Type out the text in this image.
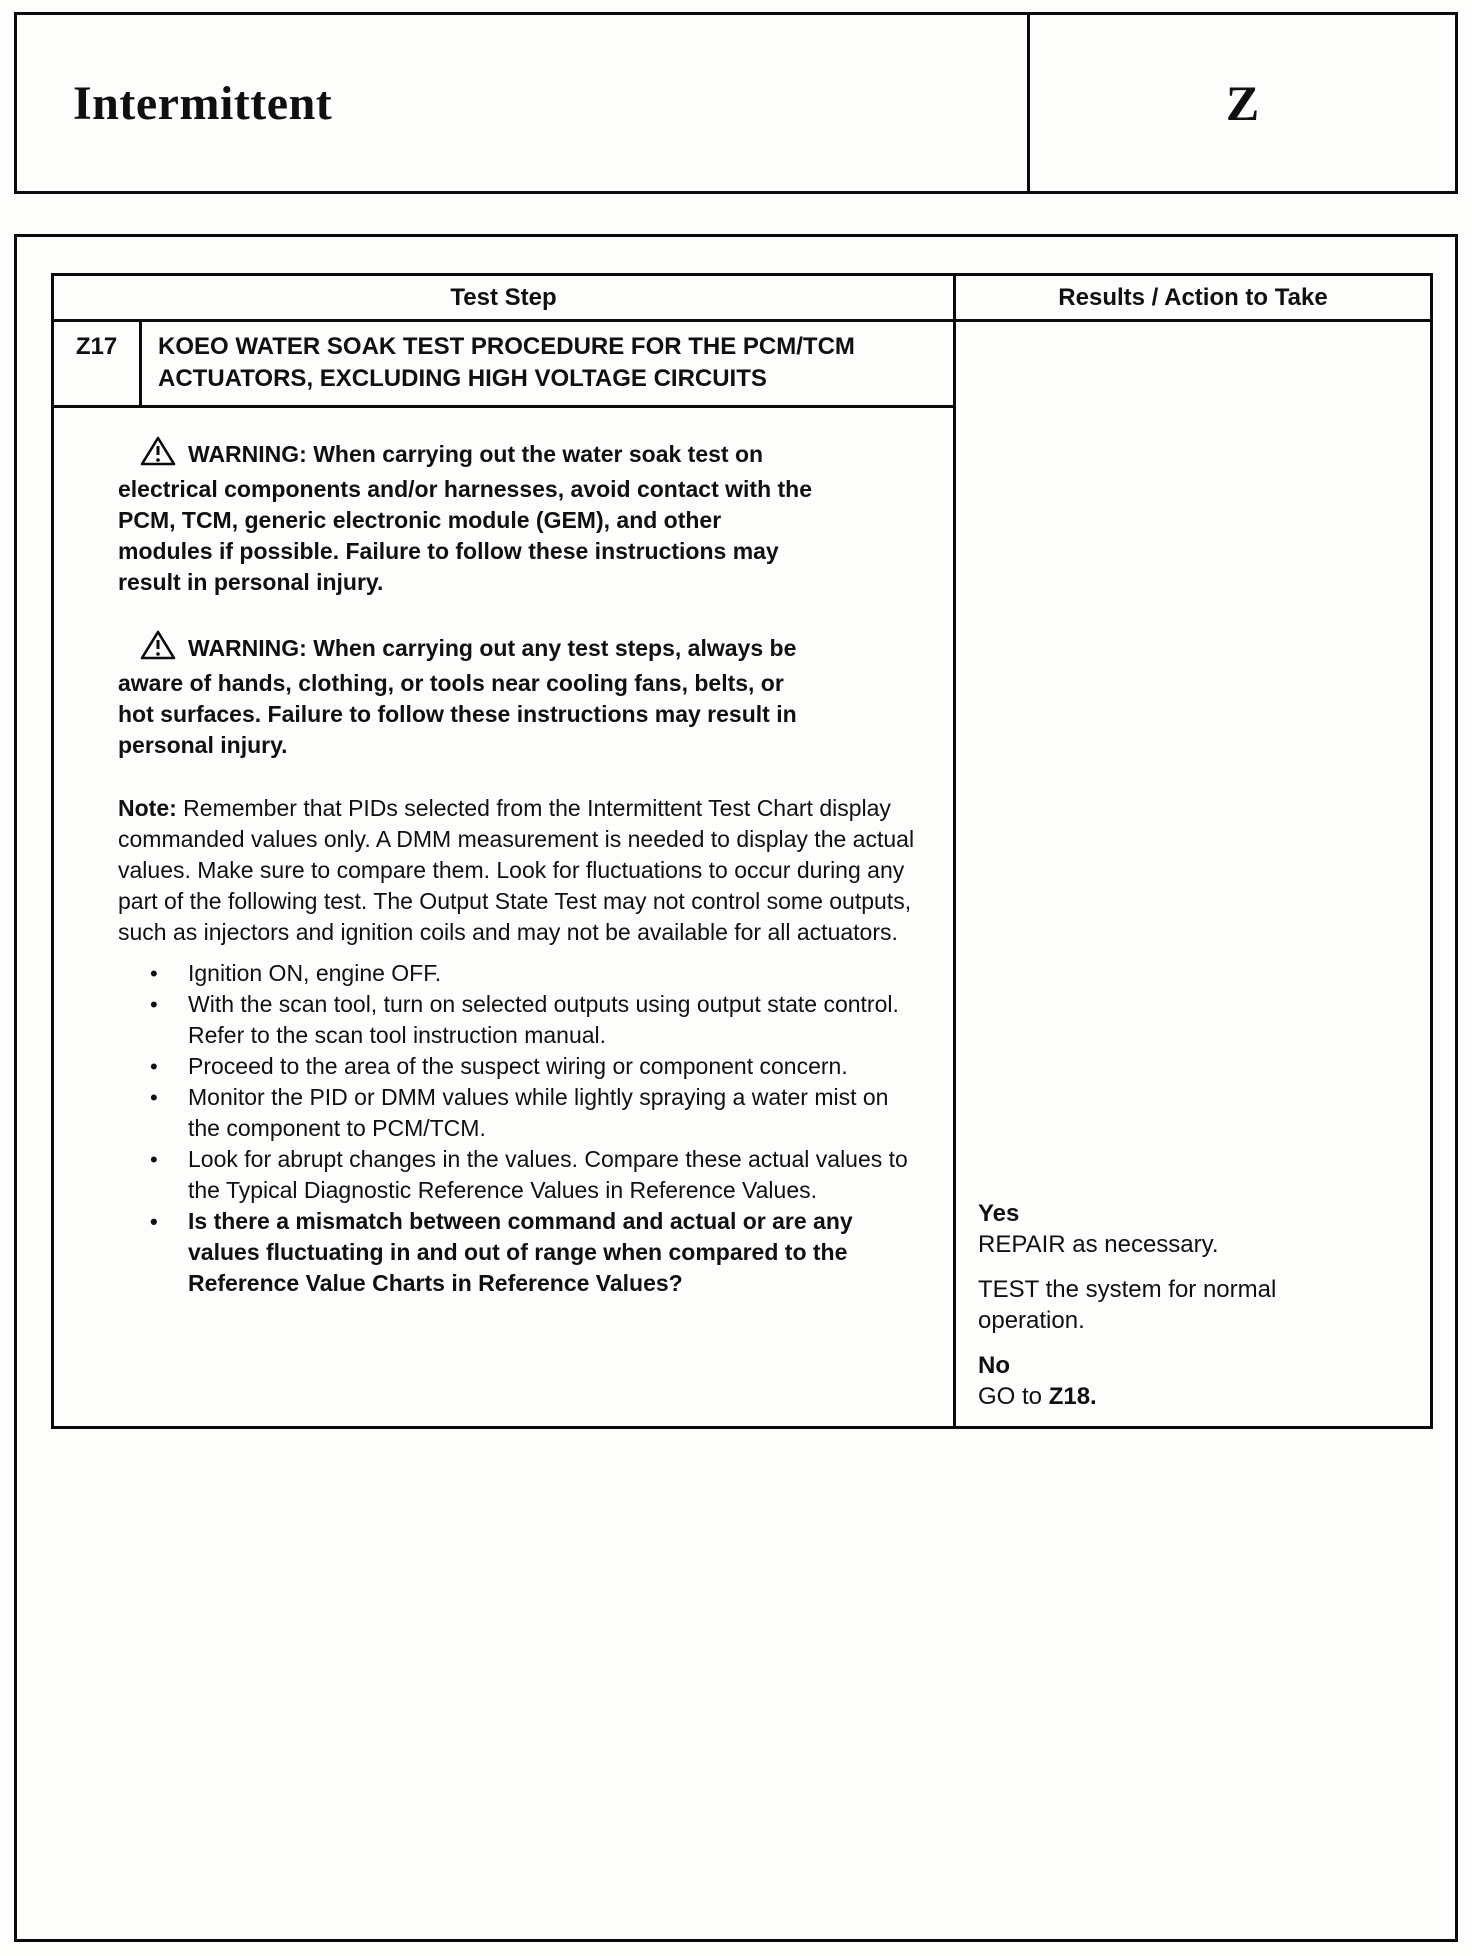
Intermittent	Z
Test Step	Results / Action to Take
Z17	KOEO WATER SOAK TEST PROCEDURE FOR THE PCM/TCM ACTUATORS, EXCLUDING HIGH VOLTAGE CIRCUITS

WARNING: When carrying out the water soak test on electrical components and/or harnesses, avoid contact with the PCM, TCM, generic electronic module (GEM), and other modules if possible. Failure to follow these instructions may result in personal injury.

WARNING: When carrying out any test steps, always be aware of hands, clothing, or tools near cooling fans, belts, or hot surfaces. Failure to follow these instructions may result in personal injury.

Note: Remember that PIDs selected from the Intermittent Test Chart display commanded values only. A DMM measurement is needed to display the actual values. Make sure to compare them. Look for fluctuations to occur during any part of the following test. The Output State Test may not control some outputs, such as injectors and ignition coils and may not be available for all actuators.

•	Ignition ON, engine OFF.
•	With the scan tool, turn on selected outputs using output state control. Refer to the scan tool instruction manual.
•	Proceed to the area of the suspect wiring or component concern.
•	Monitor the PID or DMM values while lightly spraying a water mist on the component to PCM/TCM.
•	Look for abrupt changes in the values. Compare these actual values to the Typical Diagnostic Reference Values in Reference Values.
•	Is there a mismatch between command and actual or are any values fluctuating in and out of range when compared to the Reference Value Charts in Reference Values?
Yes
REPAIR as necessary.
TEST the system for normal operation.
No
GO to Z18.
